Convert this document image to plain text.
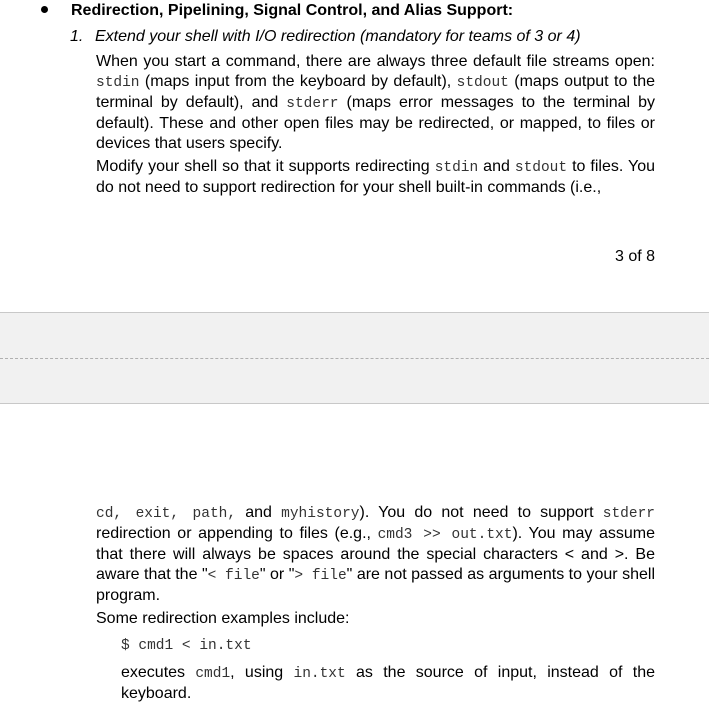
Redirection, Pipelining, Signal Control, and Alias Support:
1. Extend your shell with I/O redirection (mandatory for teams of 3 or 4)

When you start a command, there are always three default file streams open: stdin (maps input from the keyboard by default), stdout (maps output to the terminal by default), and stderr (maps error messages to the terminal by default). These and other open files may be redirected, or mapped, to files or devices that users specify.

Modify your shell so that it supports redirecting stdin and stdout to files. You do not need to support redirection for your shell built-in commands (i.e.,

3 of 8

cd, exit, path, and myhistory). You do not need to support stderr redirection or appending to files (e.g., cmd3 >> out.txt). You may assume that there will always be spaces around the special characters < and >. Be aware that the "< file" or "> file" are not passed as arguments to your shell program.

Some redirection examples include:

$ cmd1 < in.txt

executes cmd1, using in.txt as the source of input, instead of the keyboard.
